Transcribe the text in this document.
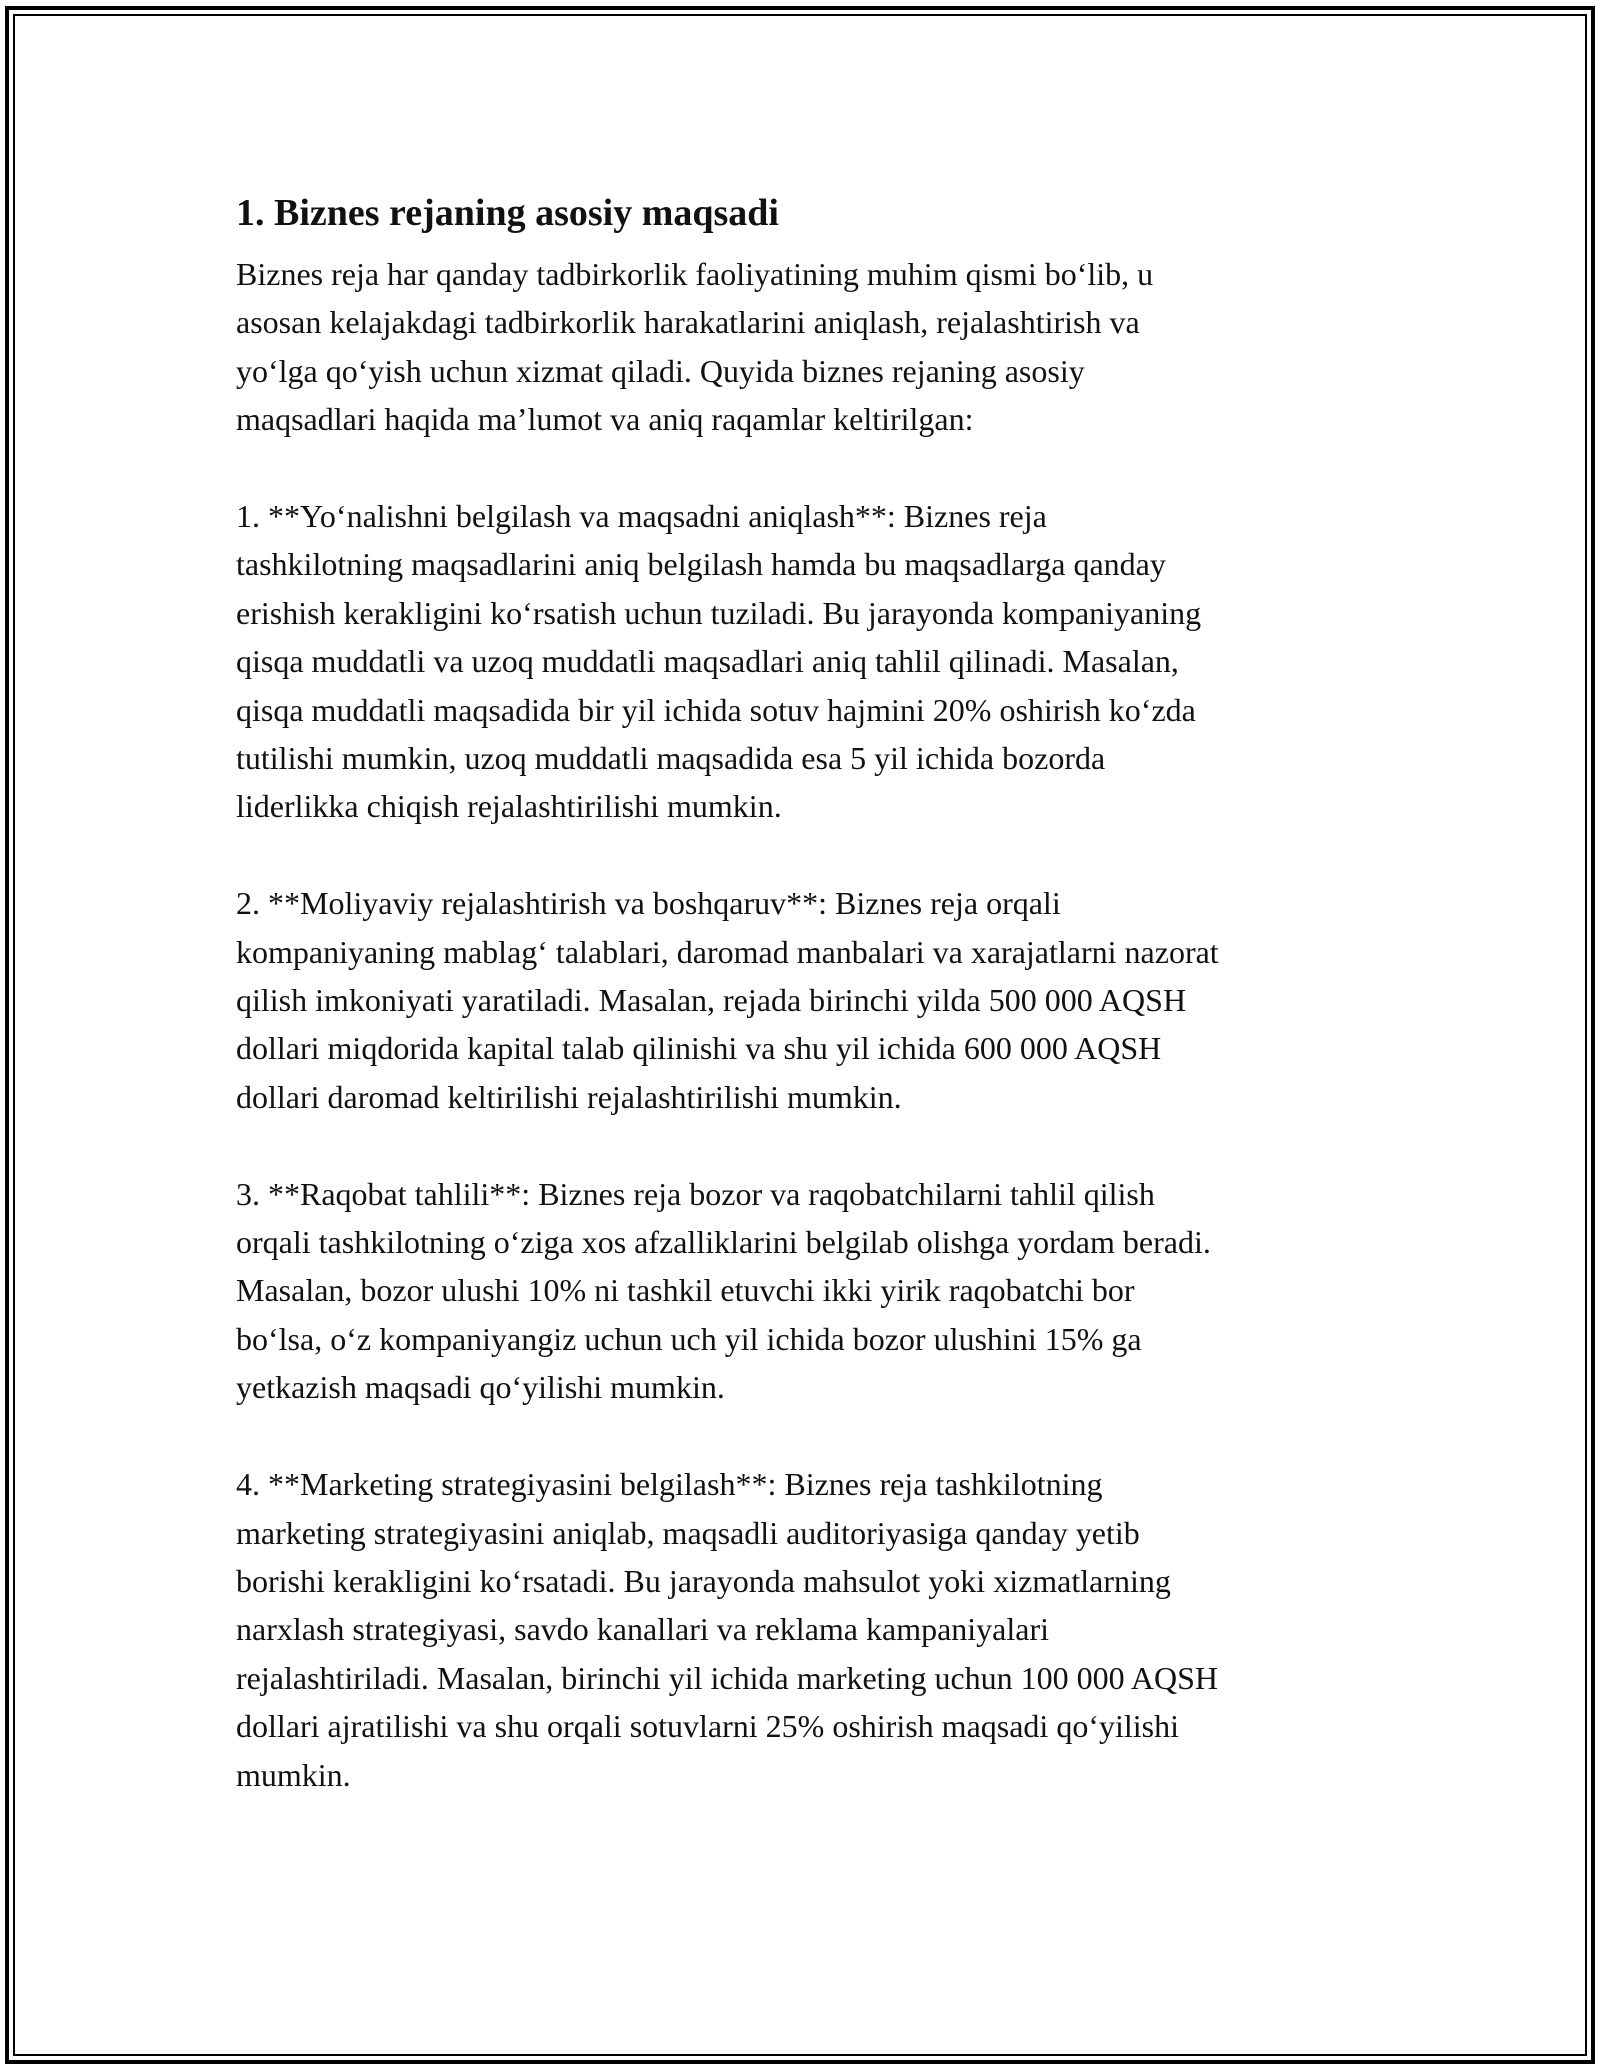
1. Biznes rejaning asosiy maqsadi

Biznes reja har qanday tadbirkorlik faoliyatining muhim qismi bo‘lib, u
asosan kelajakdagi tadbirkorlik harakatlarini aniqlash, rejalashtirish va
yo‘lga qo‘yish uchun xizmat qiladi. Quyida biznes rejaning asosiy
maqsadlari haqida ma’lumot va aniq raqamlar keltirilgan:

1. **Yo‘nalishni belgilash va maqsadni aniqlash**: Biznes reja
tashkilotning maqsadlarini aniq belgilash hamda bu maqsadlarga qanday
erishish kerakligini ko‘rsatish uchun tuziladi. Bu jarayonda kompaniyaning
qisqa muddatli va uzoq muddatli maqsadlari aniq tahlil qilinadi. Masalan,
qisqa muddatli maqsadida bir yil ichida sotuv hajmini 20% oshirish ko‘zda
tutilishi mumkin, uzoq muddatli maqsadida esa 5 yil ichida bozorda
liderlikka chiqish rejalashtirilishi mumkin.

2. **Moliyaviy rejalashtirish va boshqaruv**: Biznes reja orqali
kompaniyaning mablag‘ talablari, daromad manbalari va xarajatlarni nazorat
qilish imkoniyati yaratiladi. Masalan, rejada birinchi yilda 500 000 AQSH
dollari miqdorida kapital talab qilinishi va shu yil ichida 600 000 AQSH
dollari daromad keltirilishi rejalashtirilishi mumkin.

3. **Raqobat tahlili**: Biznes reja bozor va raqobatchilarni tahlil qilish
orqali tashkilotning o‘ziga xos afzalliklarini belgilab olishga yordam beradi.
Masalan, bozor ulushi 10% ni tashkil etuvchi ikki yirik raqobatchi bor
bo‘lsa, o‘z kompaniyangiz uchun uch yil ichida bozor ulushini 15% ga
yetkazish maqsadi qo‘yilishi mumkin.

4. **Marketing strategiyasini belgilash**: Biznes reja tashkilotning
marketing strategiyasini aniqlab, maqsadli auditoriyasiga qanday yetib
borishi kerakligini ko‘rsatadi. Bu jarayonda mahsulot yoki xizmatlarning
narxlash strategiyasi, savdo kanallari va reklama kampaniyalari
rejalashtiriladi. Masalan, birinchi yil ichida marketing uchun 100 000 AQSH
dollari ajratilishi va shu orqali sotuvlarni 25% oshirish maqsadi qo‘yilishi
mumkin.
